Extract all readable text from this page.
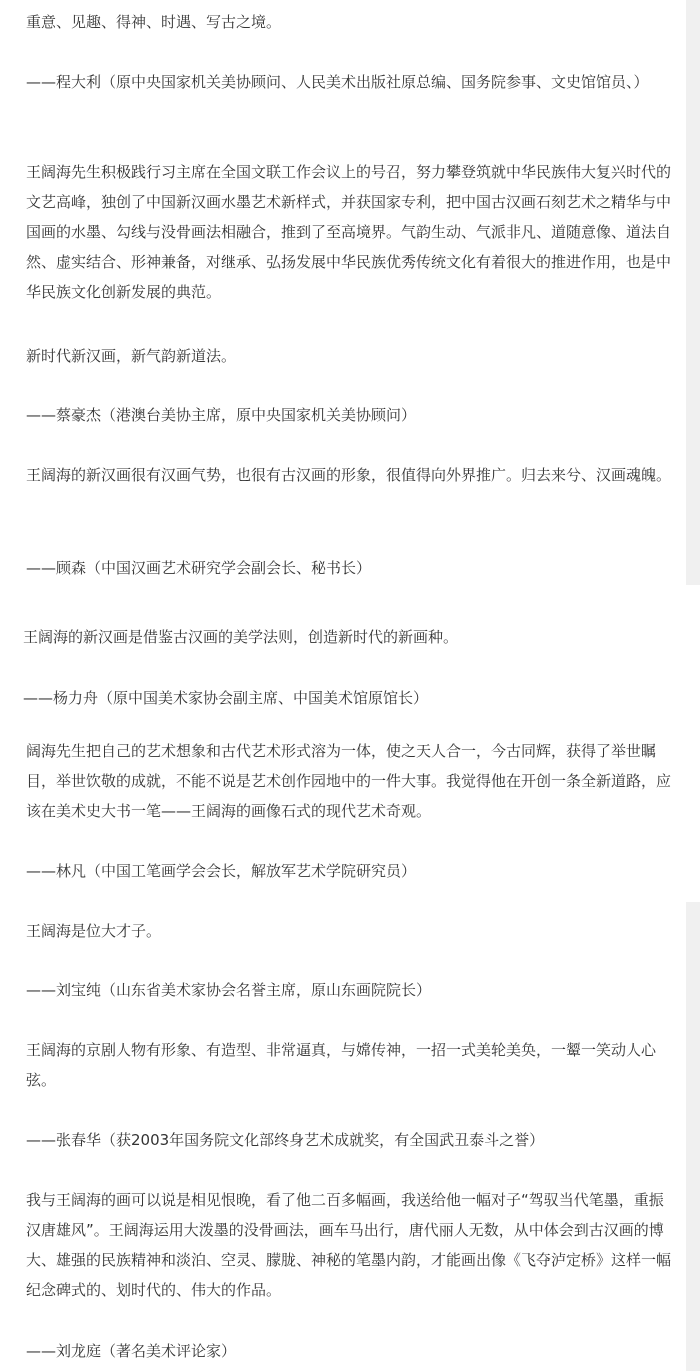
重意、见趣、得神、时遇、写古之境。

——程大利（原中央国家机关美协顾问、人民美术出版社原总编、国务院参事、文史馆馆员、）

王阔海先生积极践行习主席在全国文联工作会议上的号召，努力攀登筑就中华民族伟大复兴时代的文艺高峰，独创了中国新汉画水墨艺术新样式，并获国家专利，把中国古汉画石刻艺术之精华与中国画的水墨、勾线与没骨画法相融合，推到了至高境界。气韵生动、气派非凡、道随意像、道法自然、虚实结合、形神兼备，对继承、弘扬发展中华民族优秀传统文化有着很大的推进作用，也是中华民族文化创新发展的典范。

新时代新汉画，新气韵新道法。

——蔡豪杰（港澳台美协主席，原中央国家机关美协顾问）

王阔海的新汉画很有汉画气势，也很有古汉画的形象，很值得向外界推广。归去来兮、汉画魂魄。

——顾森（中国汉画艺术研究学会副会长、秘书长）

王阔海的新汉画是借鉴古汉画的美学法则，创造新时代的新画种。

——杨力舟（原中国美术家协会副主席、中国美术馆原馆长）

阔海先生把自己的艺术想象和古代艺术形式溶为一体，使之天人合一，今古同辉，获得了举世瞩目，举世饮敬的成就，不能不说是艺术创作园地中的一件大事。我觉得他在开创一条全新道路，应该在美术史大书一笔——王阔海的画像石式的现代艺术奇观。

——林凡（中国工笔画学会会长，解放军艺术学院研究员）

王阔海是位大才子。

——刘宝纯（山东省美术家协会名誉主席，原山东画院院长）

王阔海的京剧人物有形象、有造型、非常逼真，与嫦传神，一招一式美轮美奂，一颦一笑动人心弦。

——张春华（获2003年国务院文化部终身艺术成就奖，有全国武丑泰斗之誉）

我与王阔海的画可以说是相见恨晚，看了他二百多幅画，我送给他一幅对子“驾驭当代笔墨，重振汉唐雄风”。王阔海运用大泼墨的没骨画法，画车马出行，唐代丽人无数，从中体会到古汉画的博大、雄强的民族精神和淡泊、空灵、朦胧、神秘的笔墨内韵，才能画出像《飞夺泸定桥》这样一幅纪念碑式的、划时代的、伟大的作品。

——刘龙庭（著名美术评论家）
